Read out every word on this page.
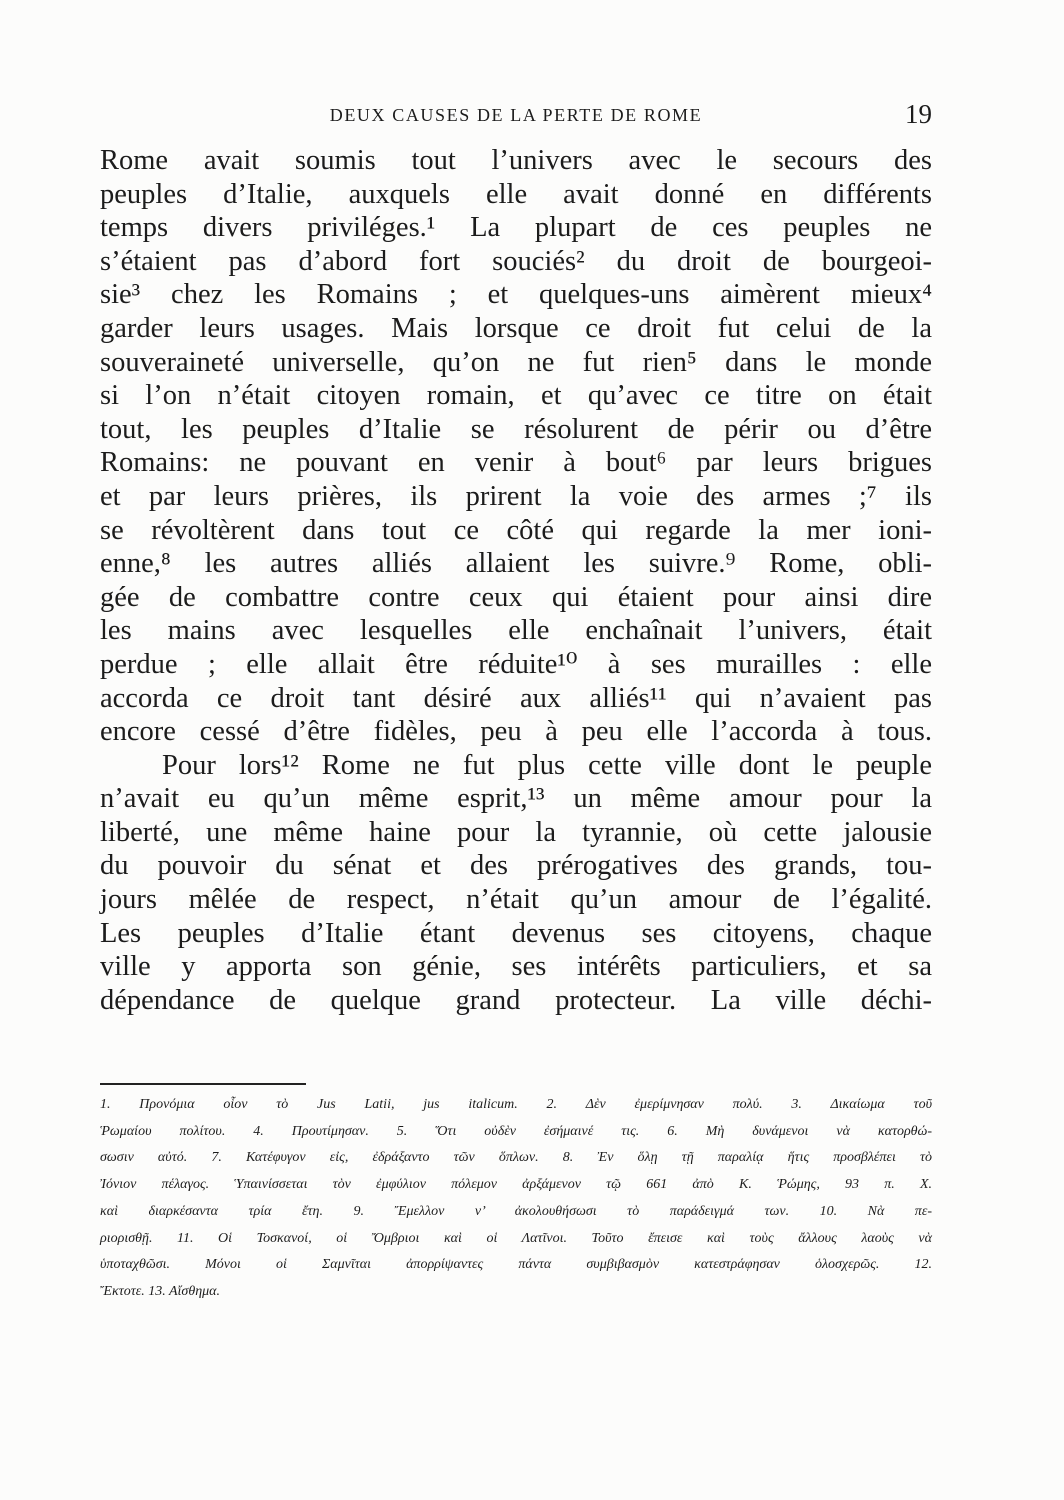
DEUX CAUSES DE LA PERTE DE ROME	19

Rome avait soumis tout l’univers avec le secours des

peuples d’Italie, auxquels elle avait donné en différents

temps divers priviléges.¹ La plupart de ces peuples ne

s’étaient pas d’abord fort souciés² du droit de bourgeoi-

sie³ chez les Romains ; et quelques-uns aimèrent mieux⁴

garder leurs usages. Mais lorsque ce droit fut celui de la

souveraineté universelle, qu’on ne fut rien⁵ dans le monde

si l’on n’était citoyen romain, et qu’avec ce titre on était

tout, les peuples d’Italie se résolurent de périr ou d’être

Romains: ne pouvant en venir à bout⁶ par leurs brigues

et par leurs prières, ils prirent la voie des armes ;⁷ ils

se révoltèrent dans tout ce côté qui regarde la mer ioni-

enne,⁸ les autres alliés allaient les suivre.⁹ Rome, obli-

gée de combattre contre ceux qui étaient pour ainsi dire

les mains avec lesquelles elle enchaînait l’univers, était

perdue ; elle allait être réduite¹⁰ à ses murailles : elle

accorda ce droit tant désiré aux alliés¹¹ qui n’avaient pas

encore cessé d’être fidèles, peu à peu elle l’accorda à tous.

Pour lors¹² Rome ne fut plus cette ville dont le peuple

n’avait eu qu’un même esprit,¹³ un même amour pour la

liberté, une même haine pour la tyrannie, où cette jalousie

du pouvoir du sénat et des prérogatives des grands, tou-

jours mêlée de respect, n’était qu’un amour de l’égalité.

Les peuples d’Italie étant devenus ses citoyens, chaque

ville y apporta son génie, ses intérêts particuliers, et sa

dépendance de quelque grand protecteur. La ville déchi-

1. Προνόμια οἷον τὸ Jus Latii, jus italicum. 2. Δὲν ἐμερίμνησαν πολύ. 3. Δικαίωμα τοῦ
Ῥωμαίου πολίτου. 4. Προυτίμησαν. 5. Ὅτι οὐδὲν ἐσήμαινέ τις. 6. Μὴ δυνάμενοι νὰ κατορθώ-
σωσιν αὐτό. 7. Κατέφυγον εἰς, ἐδράξαντο τῶν ὅπλων. 8. Ἐν ὅλῃ τῇ παραλίᾳ ἥτις προσβλέπει τὸ
Ἰόνιον πέλαγος. Ὑπαινίσσεται τὸν ἐμφύλιον πόλεμον ἀρξάμενον τῷ 661 ἀπὸ Κ. Ῥώμης, 93 π. Χ.
καὶ διαρκέσαντα τρία ἔτη. 9. Ἔμελλον ν’ ἀκολουθήσωσι τὸ παράδειγμά των. 10. Νὰ πε-
ριορισθῇ. 11. Οἱ Τοσκανοί, οἱ Ὄμβριοι καὶ οἱ Λατῖνοι. Τοῦτο ἔπεισε καὶ τοὺς ἄλλους λαοὺς νὰ
ὑποταχθῶσι. Μόνοι οἱ Σαμνῖται ἀπορρίψαντες πάντα συμβιβασμὸν κατεστράφησαν ὁλοσχερῶς. 12.
Ἔκτοτε. 13. Αἴσθημα.
